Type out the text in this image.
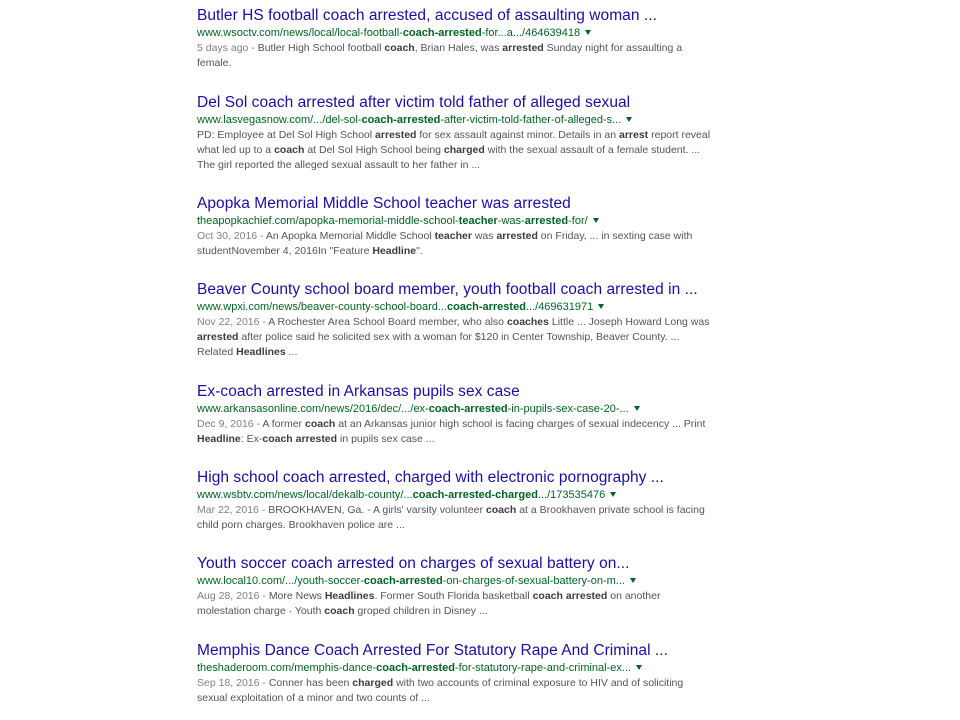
Butler HS football coach arrested, accused of assaulting woman ...
www.wsoctv.com/news/local/local-football-coach-arrested-for...a.../464639418
5 days ago - Butler High School football coach, Brian Hales, was arrested Sunday night for assaulting a female.
Del Sol coach arrested after victim told father of alleged sexual
www.lasvegasnow.com/.../del-sol-coach-arrested-after-victim-told-father-of-alleged-s...
PD: Employee at Del Sol High School arrested for sex assault against minor. Details in an arrest report reveal what led up to a coach at Del Sol High School being charged with the sexual assault of a female student. ... The girl reported the alleged sexual assault to her father in ...
Apopka Memorial Middle School teacher was arrested
theapopkachief.com/apopka-memorial-middle-school-teacher-was-arrested-for/
Oct 30, 2016 - An Apopka Memorial Middle School teacher was arrested on Friday, ... in sexting case with studentNovember 4, 2016In "Feature Headline".
Beaver County school board member, youth football coach arrested in ...
www.wpxi.com/news/beaver-county-school-board...coach-arrested.../469631971
Nov 22, 2016 - A Rochester Area School Board member, who also coaches Little ... Joseph Howard Long was arrested after police said he solicited sex with a woman for $120 in Center Township, Beaver County. ... Related Headlines ...
Ex-coach arrested in Arkansas pupils sex case
www.arkansasonline.com/news/2016/dec/.../ex-coach-arrested-in-pupils-sex-case-20-...
Dec 9, 2016 - A former coach at an Arkansas junior high school is facing charges of sexual indecency ... Print Headline: Ex-coach arrested in pupils sex case ...
High school coach arrested, charged with electronic pornography ...
www.wsbtv.com/news/local/dekalb-county/...coach-arrested-charged.../173535476
Mar 22, 2016 - BROOKHAVEN, Ga. - A girls' varsity volunteer coach at a Brookhaven private school is facing child porn charges. Brookhaven police are ...
Youth soccer coach arrested on charges of sexual battery on...
www.local10.com/.../youth-soccer-coach-arrested-on-charges-of-sexual-battery-on-m...
Aug 28, 2016 - More News Headlines. Former South Florida basketball coach arrested on another molestation charge · Youth coach groped children in Disney ...
Memphis Dance Coach Arrested For Statutory Rape And Criminal ...
theshaderoom.com/memphis-dance-coach-arrested-for-statutory-rape-and-criminal-ex...
Sep 18, 2016 - Conner has been charged with two accounts of criminal exposure to HIV and of soliciting sexual exploitation of a minor and two counts of ...
